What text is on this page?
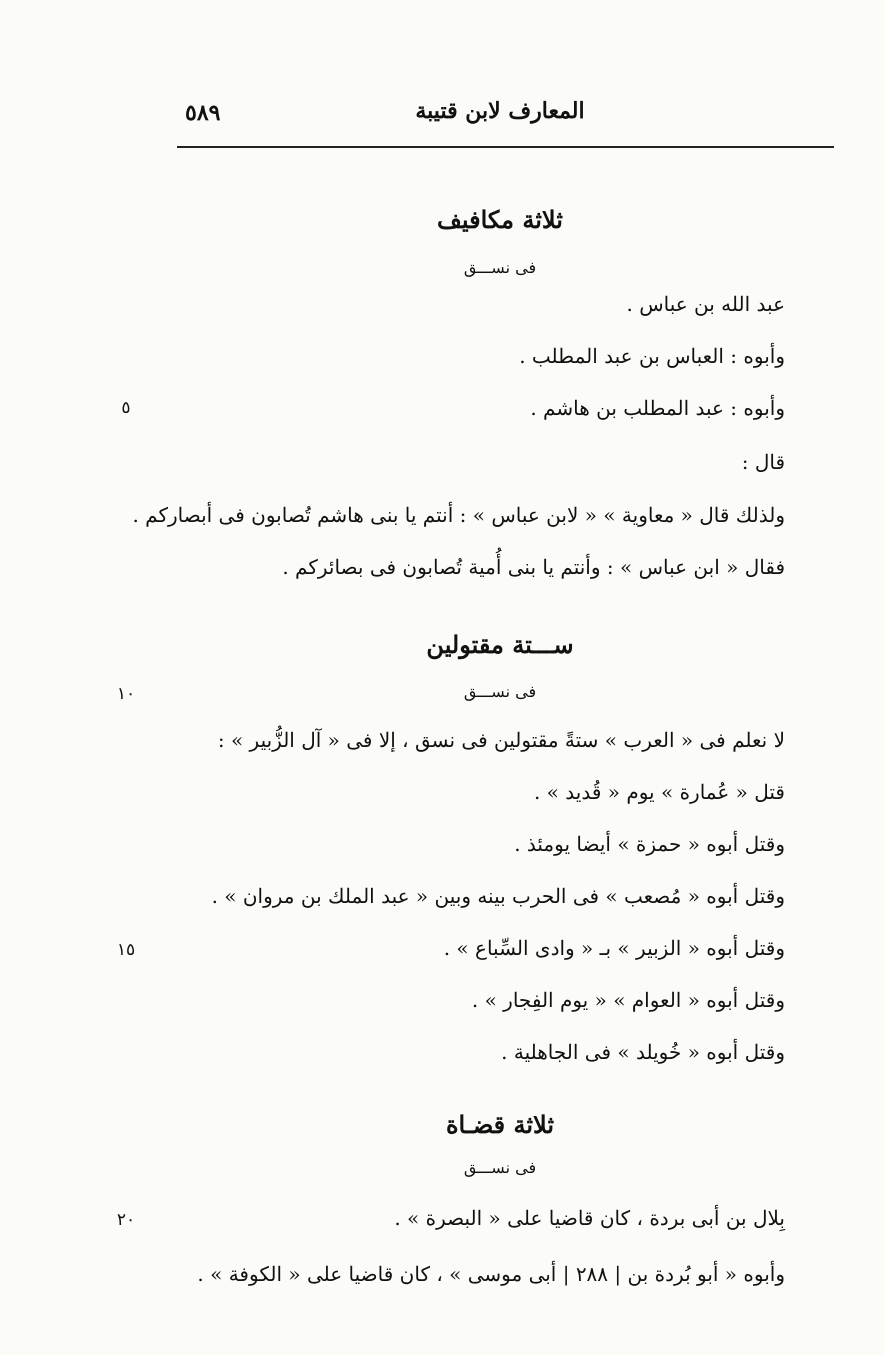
المعارف لابن قتيبة
٥٨٩
ثلاثة مكافيف
فى نســـق
عبد الله بن عباس .
وأبوه : العباس بن عبد المطلب .
وأبوه : عبد المطلب بن هاشم .
قال :
ولذلك قال « معاوية » « لابن عباس » : أنتم يا بنى هاشم تُصابون فى أبصاركم .
فقال « ابن عباس » : وأنتم يا بنى أُمية تُصابون فى بصائركم .
ســـتة مقتولين
فى نســـق
لا نعلم فى « العرب » ستةً مقتولين فى نسق ، إلا فى « آل الزُّبير » :
قتل « عُمارة » يوم « قُديد » .
وقتل أبوه « حمزة » أيضا يومئذ .
وقتل أبوه « مُصعب » فى الحرب بينه وبين « عبد الملك بن مروان » .
وقتل أبوه « الزبير » بـ « وادى السِّباع » .
وقتل أبوه « العوام » « يوم الفِجار » .
وقتل أبوه « خُويلد » فى الجاهلية .
ثلاثة قضـاة
فى نســـق
بِلال بن أبى بردة ، كان قاضيا على « البصرة » .
وأبوه « أبو بُردة بن | ٢٨٨ | أبى موسى » ، كان قاضيا على « الكوفة » .
٥
١٠
١٥
٢٠
